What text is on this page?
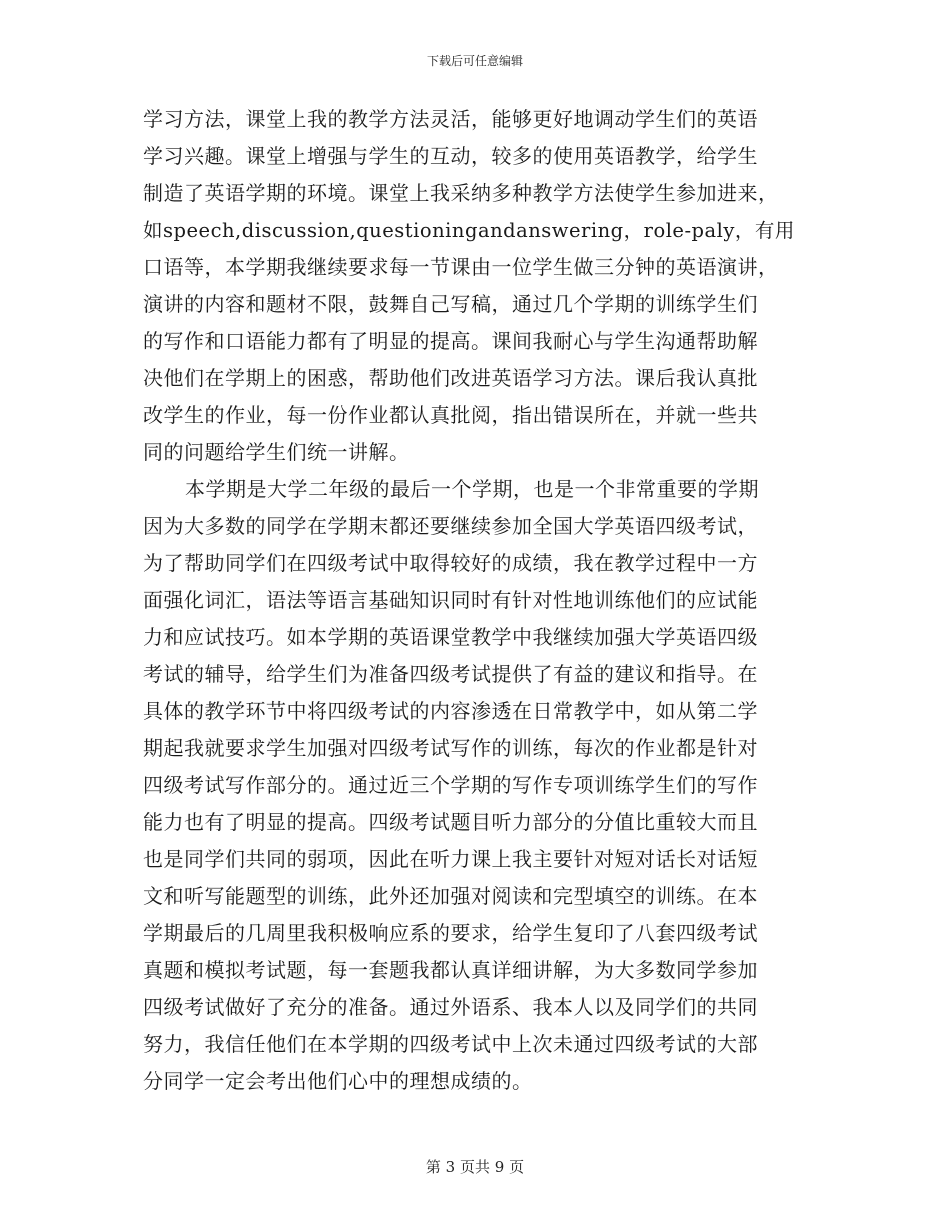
下载后可任意编辑
学习方法，课堂上我的教学方法灵活，能够更好地调动学生们的英语
学习兴趣。课堂上增强与学生的互动，较多的使用英语教学，给学生
制造了英语学期的环境。课堂上我采纳多种教学方法使学生参加进来，
如speech,discussion,questioningandanswering，role-paly，有用
口语等，本学期我继续要求每一节课由一位学生做三分钟的英语演讲，
演讲的内容和题材不限，鼓舞自己写稿，通过几个学期的训练学生们
的写作和口语能力都有了明显的提高。课间我耐心与学生沟通帮助解
决他们在学期上的困惑，帮助他们改进英语学习方法。课后我认真批
改学生的作业，每一份作业都认真批阅，指出错误所在，并就一些共
同的问题给学生们统一讲解。
本学期是大学二年级的最后一个学期，也是一个非常重要的学期
因为大多数的同学在学期末都还要继续参加全国大学英语四级考试，
为了帮助同学们在四级考试中取得较好的成绩，我在教学过程中一方
面强化词汇，语法等语言基础知识同时有针对性地训练他们的应试能
力和应试技巧。如本学期的英语课堂教学中我继续加强大学英语四级
考试的辅导，给学生们为准备四级考试提供了有益的建议和指导。在
具体的教学环节中将四级考试的内容渗透在日常教学中，如从第二学
期起我就要求学生加强对四级考试写作的训练，每次的作业都是针对
四级考试写作部分的。通过近三个学期的写作专项训练学生们的写作
能力也有了明显的提高。四级考试题目听力部分的分值比重较大而且
也是同学们共同的弱项，因此在听力课上我主要针对短对话长对话短
文和听写能题型的训练，此外还加强对阅读和完型填空的训练。在本
学期最后的几周里我积极响应系的要求，给学生复印了八套四级考试
真题和模拟考试题，每一套题我都认真详细讲解，为大多数同学参加
四级考试做好了充分的准备。通过外语系、我本人以及同学们的共同
努力，我信任他们在本学期的四级考试中上次未通过四级考试的大部
分同学一定会考出他们心中的理想成绩的。
第 3 页共 9 页
